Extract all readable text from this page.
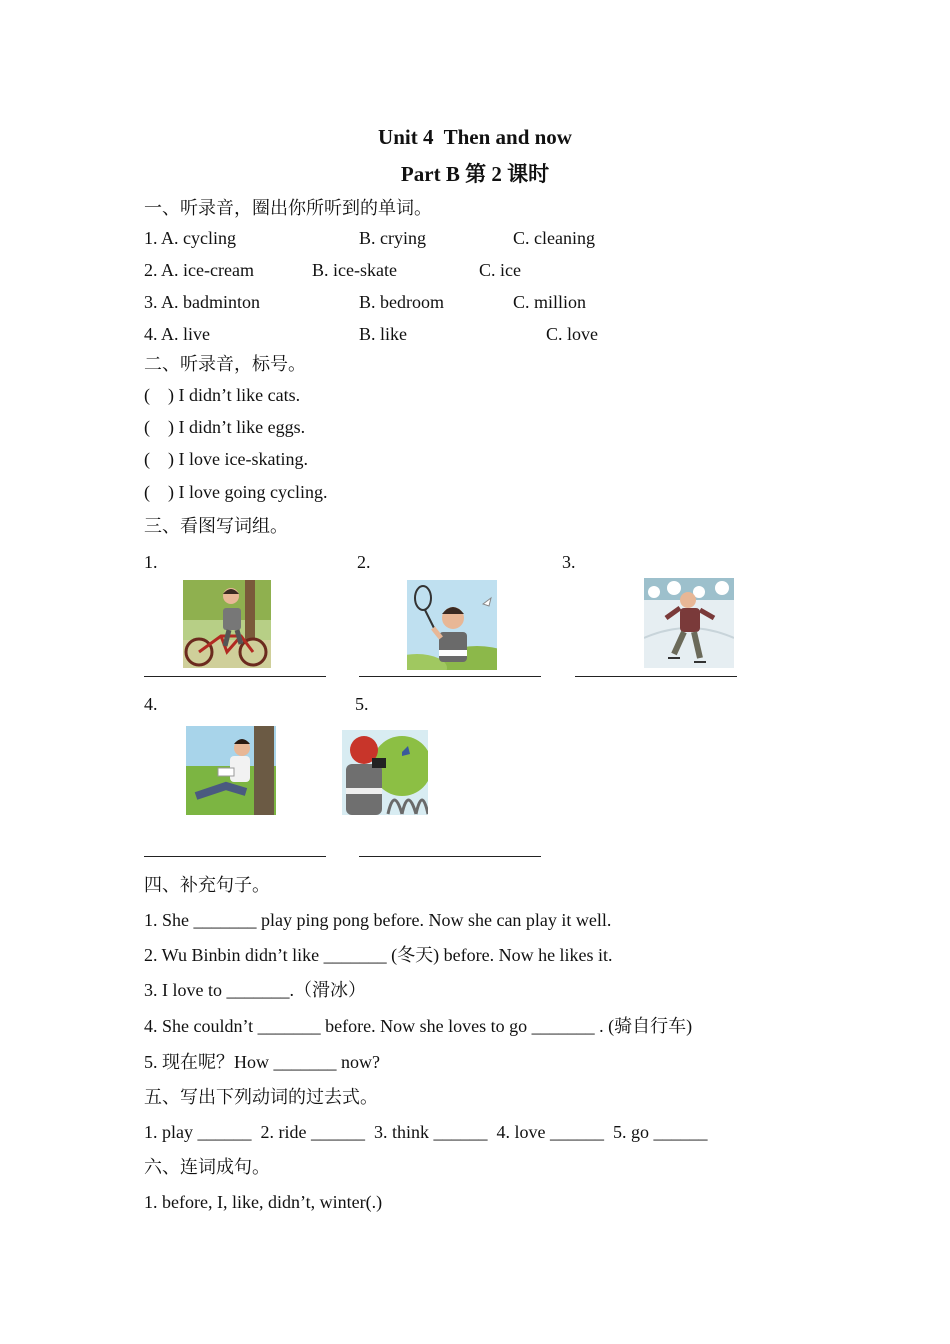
Unit 4  Then and now
Part B 第 2 课时
一、听录音，圈出你所听到的单词。
1. A. cycling	B. crying	C. cleaning
2. A. ice-cream	B. ice-skate	C. ice
3. A. badminton	B. bedroom	C. million
4. A. live	B. like	C. love
二、听录音，标号。
(    ) I didn’t like cats.
(    ) I didn’t like eggs.
(    ) I love ice-skating.
(    ) I love going cycling.
三、看图写词组。
1.	2.	3.
4.	5.
四、补充句子。
1. She _______ play ping pong before. Now she can play it well.
2. Wu Binbin didn’t like _______ (冬天) before. Now he likes it.
3. I love to _______.（滑冰）
4. She couldn’t _______ before. Now she loves to go _______ . (骑自行车)
5. 现在呢？How _______ now?
五、写出下列动词的过去式。
1. play ______  2. ride ______  3. think ______  4. love ______  5. go ______
六、连词成句。
1. before, I, like, didn’t, winter(.)
